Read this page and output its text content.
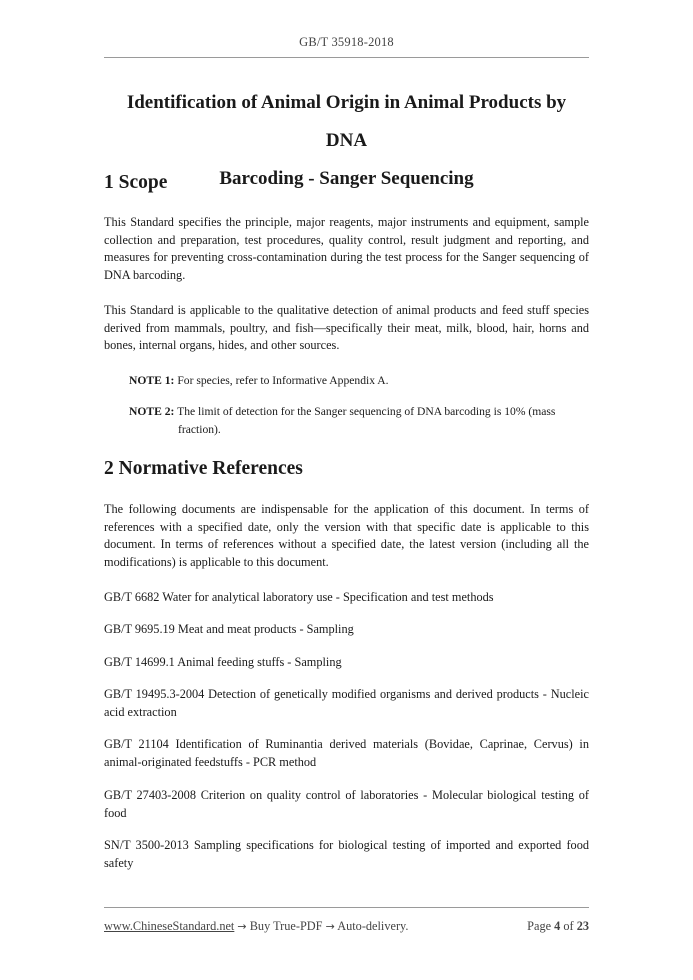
GB/T 35918-2018
Identification of Animal Origin in Animal Products by DNA
Barcoding - Sanger Sequencing
1 Scope

This Standard specifies the principle, major reagents, major instruments and equipment, sample collection and preparation, test procedures, quality control, result judgment and reporting, and measures for preventing cross-contamination during the test process for the Sanger sequencing of DNA barcoding.

This Standard is applicable to the qualitative detection of animal products and feed stuff species derived from mammals, poultry, and fish—specifically their meat, milk, blood, hair, horns and bones, internal organs, hides, and other sources.

NOTE 1: For species, refer to Informative Appendix A.

NOTE 2: The limit of detection for the Sanger sequencing of DNA barcoding is 10% (mass fraction).

2 Normative References

The following documents are indispensable for the application of this document. In terms of references with a specified date, only the version with that specific date is applicable to this document. In terms of references without a specified date, the latest version (including all the modifications) is applicable to this document.

GB/T 6682 Water for analytical laboratory use - Specification and test methods

GB/T 9695.19 Meat and meat products - Sampling

GB/T 14699.1 Animal feeding stuffs - Sampling

GB/T 19495.3-2004 Detection of genetically modified organisms and derived products - Nucleic acid extraction

GB/T 21104 Identification of Ruminantia derived materials (Bovidae, Caprinae, Cervus) in animal-originated feedstuffs - PCR method

GB/T 27403-2008 Criterion on quality control of laboratories - Molecular biological testing of food

SN/T 3500-2013 Sampling specifications for biological testing of imported and exported food safety

www.ChineseStandard.net → Buy True-PDF → Auto-delivery.	Page 4 of 23
